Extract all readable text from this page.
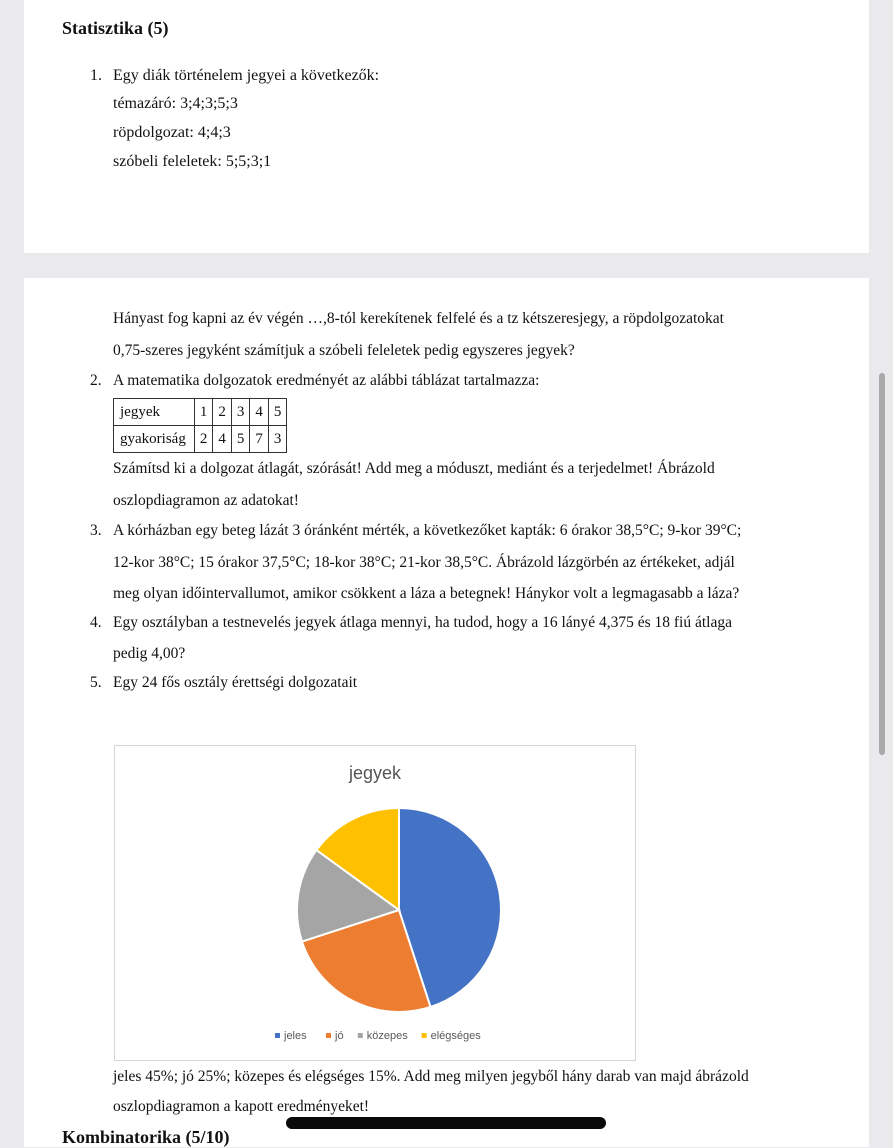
Statisztika (5)
1. Egy diák történelem jegyei a következők:
témazáró: 3;4;3;5;3
röpdolgozat: 4;4;3
szóbeli feleletek: 5;5;3;1
Hányast fog kapni az év végén …,8-tól kerekítenek felfelé és a tz kétszeresjegy, a röpdolgozatokat
0,75-szeres jegyként számítjuk a szóbeli feleletek pedig egyszeres jegyek?
2. A matematika dolgozatok eredményét az alábbi táblázat tartalmazza:
jegyek	1	2	3	4	5
gyakoriság	2	4	5	7	3
Számítsd ki a dolgozat átlagát, szórását! Add meg a móduszt, mediánt és a terjedelmet! Ábrázold
oszlopdiagramon az adatokat!
3. A kórházban egy beteg lázát 3 óránként mérték, a következőket kapták: 6 órakor 38,5°C; 9-kor 39°C;
12-kor 38°C; 15 órakor 37,5°C; 18-kor 38°C; 21-kor 38,5°C. Ábrázold lázgörbén az értékeket, adjál
meg olyan időintervallumot, amikor csökkent a láza a betegnek! Hánykor volt a legmagasabb a láza?
4. Egy osztályban a testnevelés jegyek átlaga mennyi, ha tudod, hogy a 16 lányé 4,375 és 18 fiú átlaga
pedig 4,00?
5. Egy 24 fős osztály érettségi dolgozatait
jegyek
jeles	jó közepes elégséges
jeles 45%; jó 25%; közepes és elégséges 15%. Add meg milyen jegyből hány darab van majd ábrázold
oszlopdiagramon a kapott eredményeket!
Kombinatorika (5/10)
